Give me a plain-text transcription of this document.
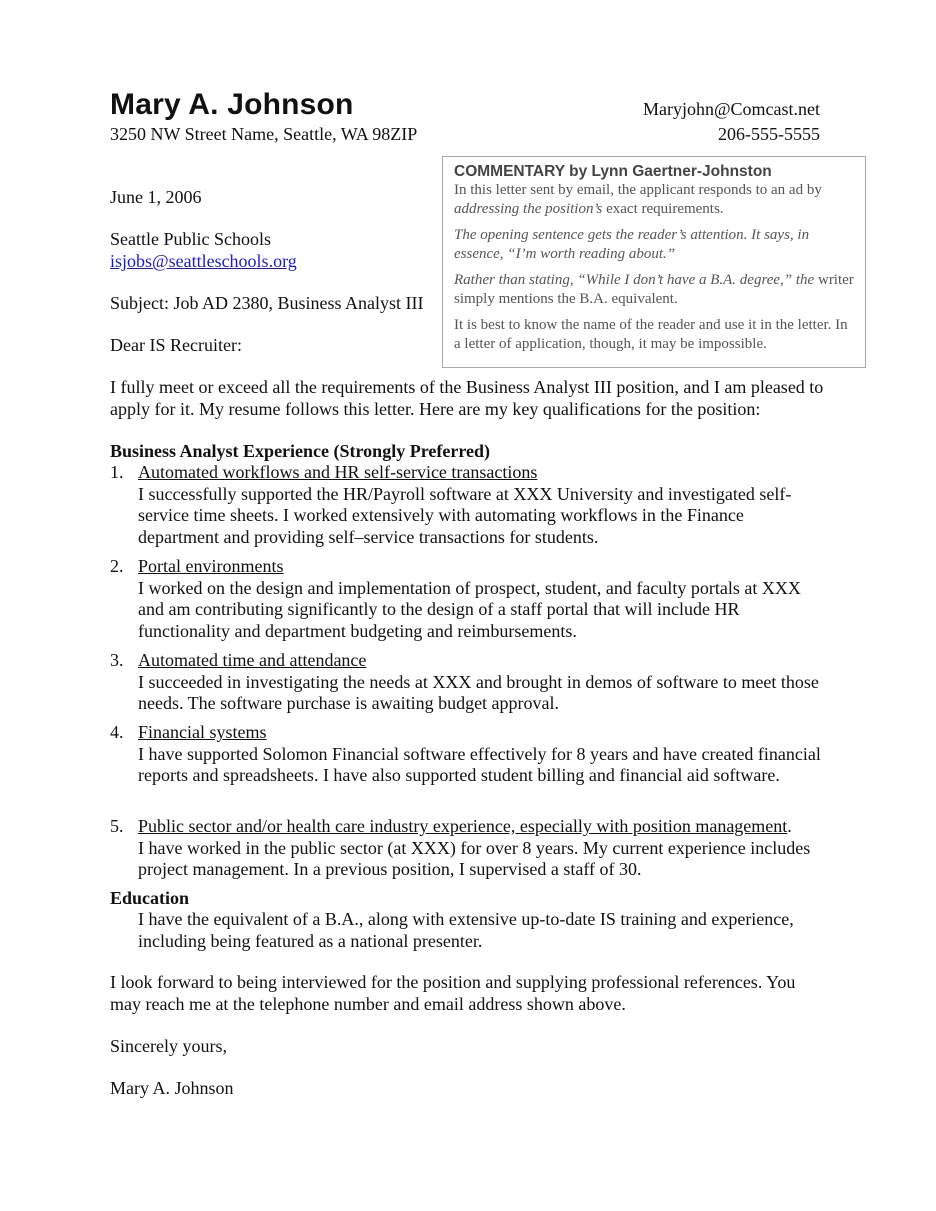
Mary A. Johnson	Maryjohn@Comcast.net
3250 NW Street Name, Seattle, WA 98ZIP	206-555-5555
June 1, 2006
Seattle Public Schools
isjobs@seattleschools.org
Subject: Job AD 2380, Business Analyst III
Dear IS Recruiter:
COMMENTARY by Lynn Gaertner-Johnston

In this letter sent by email, the applicant responds to an ad by addressing the position’s exact requirements.

The opening sentence gets the reader’s attention. It says, in essence, “I’m worth reading about.”

Rather than stating, “While I don’t have a B.A. degree,” the writer simply mentions the B.A. equivalent.

It is best to know the name of the reader and use it in the letter. In a letter of application, though, it may be impossible.

I fully meet or exceed all the requirements of the Business Analyst III position, and I am pleased to apply for it. My resume follows this letter. Here are my key qualifications for the position:
Business Analyst Experience (Strongly Preferred)
1. Automated workflows and HR self-service transactions
I successfully supported the HR/Payroll software at XXX University and investigated self-service time sheets. I worked extensively with automating workflows in the Finance department and providing self–service transactions for students.
2. Portal environments
I worked on the design and implementation of prospect, student, and faculty portals at XXX and am contributing significantly to the design of a staff portal that will include HR functionality and department budgeting and reimbursements.
3. Automated time and attendance
I succeeded in investigating the needs at XXX and brought in demos of software to meet those needs. The software purchase is awaiting budget approval.
4. Financial systems
I have supported Solomon Financial software effectively for 8 years and have created financial reports and spreadsheets. I have also supported student billing and financial aid software.
5. Public sector and/or health care industry experience, especially with position management.
I have worked in the public sector (at XXX) for over 8 years. My current experience includes project management. In a previous position, I supervised a staff of 30.
Education
I have the equivalent of a B.A., along with extensive up-to-date IS training and experience, including being featured as a national presenter.
I look forward to being interviewed for the position and supplying professional references. You may reach me at the telephone number and email address shown above.
Sincerely yours,
Mary A. Johnson
